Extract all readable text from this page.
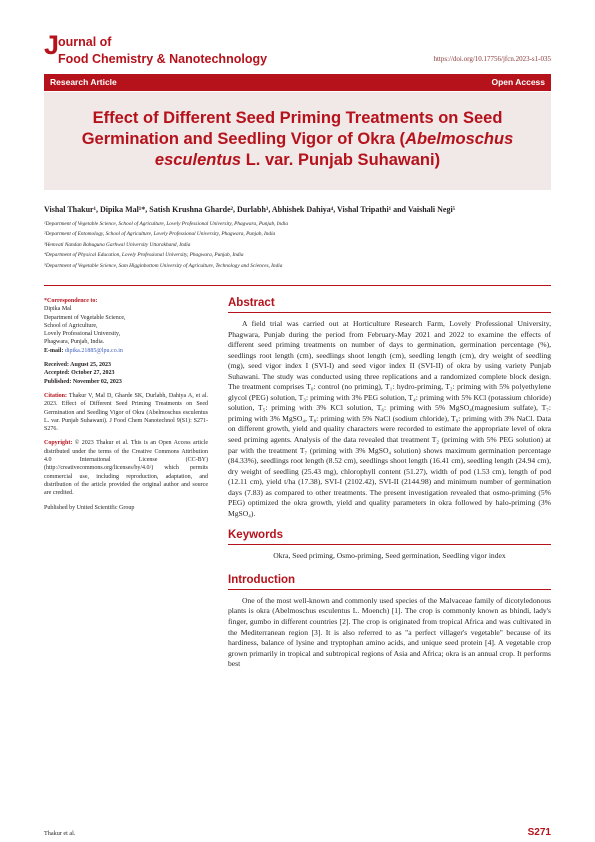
J
ournal of
Food Chemistry & Nanotechnology	https://doi.org/10.17756/jfcn.2023-s1-035
Research Article	Open Access
Effect of Different Seed Priming Treatments on Seed Germination and Seedling Vigor of Okra (Abelmoschus esculentus L. var. Punjab Suhawani)
Vishal Thakur¹, Dipika Mal¹*, Satish Krushna Gharde², Durlabh³, Abhishek Dahiya⁴, Vishal Tripathi¹ and Vaishali Negi⁵
¹Department of Vegetable Science, School of Agriculture, Lovely Professional University, Phagwara, Punjab, India
²Department of Entomology, School of Agriculture, Lovely Professional University, Phagwara, Punjab, India
³Hemvati Nandan Bahuguna Garhwal University Uttarakhand, India
⁴Department of Physical Education, Lovely Professional University, Phagwara, Punjab, India
⁵Department of Vegetable Science, Sam Higginbottom University of Agriculture, Technology and Sciences, India

*Correspondence to:
Dipika Mal
Department of Vegetable Science,
School of Agriculture,
Lovely Professional University,
Phagwara, Punjab, India.
E-mail: dipika.21885@lpu.co.in

Received: August 25, 2023
Accepted: October 27, 2023
Published: November 02, 2023

Citation: Thakur V, Mal D, Gharde SK, Durlabh, Dahiya A, et al. 2023. Effect of Different Seed Priming Treatments on Seed Germination and Seedling Vigor of Okra (Abelmoschus esculentus L. var. Punjab Suhawani). J Food Chem Nanotechnol 9(S1): S271-S276.

Copyright: © 2023 Thakur et al. This is an Open Access article distributed under the terms of the Creative Commons Attribution 4.0 International License (CC-BY) (http://creativecommons.org/licenses/by/4.0/) which permits commercial use, including reproduction, adaptation, and distribution of the article provided the original author and source are credited.

Published by United Scientific Group

Abstract

A field trial was carried out at Horticulture Research Farm, Lovely Professional University, Phagwara, Punjab during the period from February-May 2021 and 2022 to examine the effects of different seed priming treatments on number of days to germination, germination percentage (%), seedlings root length (cm), seedlings shoot length (cm), seedling length (cm), dry weight of seedling (mg), seed vigor index I (SVI-I) and seed vigor index II (SVI-II) of okra by using variety Punjab Suhawani. The study was conducted using three replications and a randomized complete block design. The treatment comprises T₀: control (no priming), T₁: hydro-priming, T₂: priming with 5% polyethylene glycol (PEG) solution, T₃: priming with 3% PEG solution, T₄: priming with 5% KCl (potassium chloride) solution, T₅: priming with 3% KCl solution, T₆: priming with 5% MgSO₄(magnesium sulfate), T₇: priming with 3% MgSO₄, T₈: priming with 5% NaCl (sodium chloride), T₉: priming with 3% NaCl. Data on different growth, yield and quality characters were recorded to estimate the appropriate level of okra seed priming agents. Analysis of the data revealed that treatment T₂ (priming with 5% PEG solution) at par with the treatment T₇ (priming with 3% MgSO₄ solution) shows maximum germination percentage (84.33%), seedlings root length (8.52 cm), seedlings shoot length (16.41 cm), seedling length (24.94 cm), dry weight of seedling (25.43 mg), chlorophyll content (51.27), width of pod (1.53 cm), length of pod (12.11 cm), yield t/ha (17.38), SVI-I (2102.42), SVI-II (2144.98) and minimum number of germination days (7.83) as compared to other treatments. The present investigation revealed that osmo-priming (5% PEG) optimized the okra growth, yield and quality parameters in okra followed by halo-priming (3% MgSO₄).

Keywords

Okra, Seed priming, Osmo-priming, Seed germination, Seedling vigor index

Introduction

One of the most well-known and commonly used species of the Malvaceae family of dicotyledonous plants is okra (Abelmoschus esculentus L. Moench) [1]. The crop is commonly known as bhindi, lady's finger, gumbo in different countries [2]. The crop is originated from tropical Africa and was cultivated in the Mediterranean region [3]. It is also referred to as "a perfect villager's vegetable" because of its hardiness, balance of lysine and tryptophan amino acids, and unique seed protein [4]. A vegetable crop grown primarily in tropical and subtropical regions of Asia and Africa; okra is an annual crop. It performs best

Thakur et al.	S271
